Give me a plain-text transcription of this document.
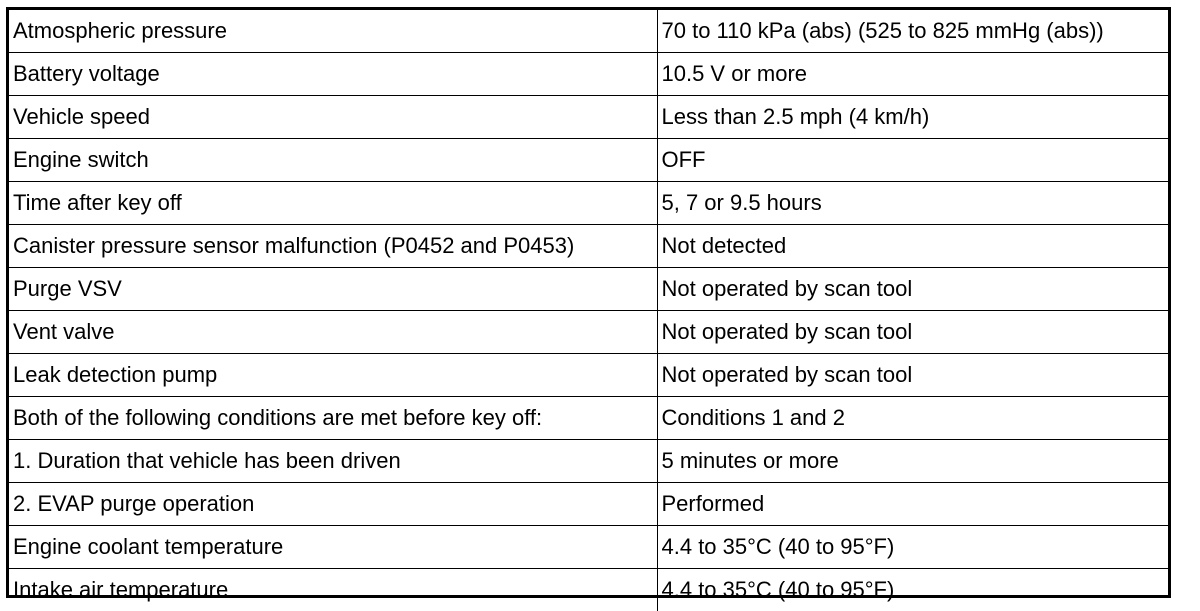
Atmospheric pressure	70 to 110 kPa (abs) (525 to 825 mmHg (abs))
Battery voltage	10.5 V or more
Vehicle speed	Less than 2.5 mph (4 km/h)
Engine switch	OFF
Time after key off	5, 7 or 9.5 hours
Canister pressure sensor malfunction (P0452 and P0453)	Not detected
Purge VSV	Not operated by scan tool
Vent valve	Not operated by scan tool
Leak detection pump	Not operated by scan tool
Both of the following conditions are met before key off:	Conditions 1 and 2
1. Duration that vehicle has been driven	5 minutes or more
2. EVAP purge operation	Performed
Engine coolant temperature	4.4 to 35°C (40 to 95°F)
Intake air temperature	4.4 to 35°C (40 to 95°F)
